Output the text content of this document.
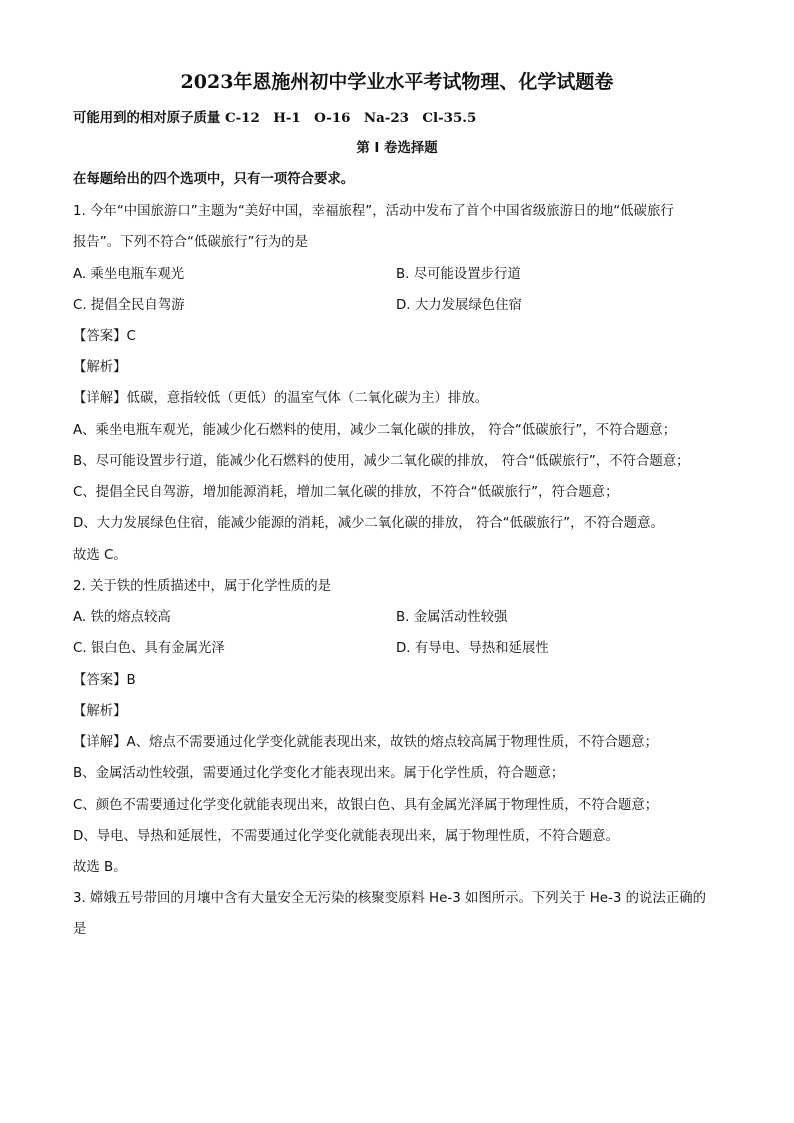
2023年恩施州初中学业水平考试物理、化学试题卷
可能用到的相对原子质量 C-12　H-1　O-16　Na-23　Cl-35.5
第 I 卷选择题
在每题给出的四个选项中，只有一项符合要求。
1. 今年“中国旅游口”主题为“美好中国，幸福旅程”，活动中发布了首个中国省级旅游日的地“低碳旅行
报告”。下列不符合“低碳旅行”行为的是
A. 乘坐电瓶车观光	B. 尽可能设置步行道
C. 提倡全民自驾游	D. 大力发展绿色住宿
【答案】C
【解析】
【详解】低碳，意指较低（更低）的温室气体（二氧化碳为主）排放。
A、乘坐电瓶车观光，能减少化石燃料的使用，减少二氧化碳的排放， 符合“低碳旅行”，不符合题意；
B、尽可能设置步行道，能减少化石燃料的使用，减少二氧化碳的排放， 符合“低碳旅行”，不符合题意；
C、提倡全民自驾游，增加能源消耗，增加二氧化碳的排放，不符合“低碳旅行”，符合题意；
D、大力发展绿色住宿，能减少能源的消耗，减少二氧化碳的排放， 符合“低碳旅行”，不符合题意。
故选 C。
2. 关于铁的性质描述中，属于化学性质的是
A. 铁的熔点较高	B. 金属活动性较强
C. 银白色、具有金属光泽	D. 有导电、导热和延展性
【答案】B
【解析】
【详解】A、熔点不需要通过化学变化就能表现出来，故铁的熔点较高属于物理性质，不符合题意；
B、金属活动性较强，需要通过化学变化才能表现出来。属于化学性质，符合题意；
C、颜色不需要通过化学变化就能表现出来，故银白色、具有金属光泽属于物理性质，不符合题意；
D、导电、导热和延展性，不需要通过化学变化就能表现出来，属于物理性质，不符合题意。
故选 B。
3. 嫦娥五号带回的月壤中含有大量安全无污染的核聚变原料 He-3 如图所示。下列关于 He-3 的说法正确的
是
